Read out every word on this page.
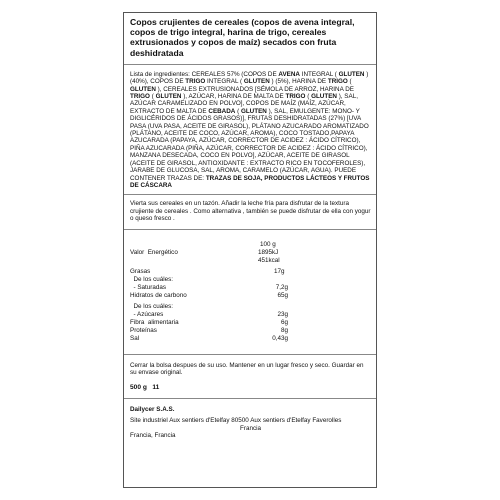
Copos crujientes de cereales (copos de avena integral, copos de trigo integral, harina de trigo, cereales extrusionados y copos de maíz) secados con fruta deshidratada
Lista de ingredientes: CEREALES 57% (COPOS DE AVENA INTEGRAL ( GLUTEN ) (40%), COPOS DE TRIGO INTEGRAL ( GLUTEN ) (5%), HARINA DE TRIGO ( GLUTEN ), CEREALES EXTRUSIONADOS [SÉMOLA DE ARROZ, HARINA DE TRIGO ( GLUTEN ), AZÚCAR, HARINA DE MALTA DE TRIGO ( GLUTEN ), SAL, AZÚCAR CARAMELIZADO EN POLVO], COPOS DE MAÍZ (MAÍZ, AZÚCAR, EXTRACTO DE MALTA DE CEBADA ( GLUTEN ), SAL, EMULGENTE: MONO- Y DIGLICÉRIDOS DE ÁCIDOS GRASOS)], FRUTAS DESHIDRATADAS (27%) [UVA PASA (UVA PASA, ACEITE DE GIRASOL), PLÁTANO AZUCARADO AROMATIZADO (PLÁTANO, ACEITE DE COCO, AZÚCAR, AROMA), COCO TOSTADO,PAPAYA AZUCARADA (PAPAYA, AZÚCAR, CORRECTOR DE ACIDEZ : ÁCIDO CÍTRICO), PIÑA AZUCARADA (PIÑA, AZÚCAR, CORRECTOR DE ACIDEZ : ÁCIDO CÍTRICO), MANZANA DESECADA, COCO EN POLVO], AZÚCAR, ACEITE DE GIRASOL (ACEITE DE GIRASOL, ANTIOXIDANTE : EXTRACTO RICO EN TOCOFEROLES), JARABE DE GLUCOSA, SAL, AROMA, CARAMELO (AZÚCAR, AGUA). PUEDE CONTENER TRAZAS DE: TRAZAS DE SOJA, PRODUCTOS LÁCTEOS Y FRUTOS DE CÁSCARA
Vierta sus cereales en un tazón. Añadir la leche fría para disfrutar de la textura crujiente de cereales . Como alternativa , también se puede disfrutar de ella con yogur o queso fresco .
100 g
Valor  Energético	1895kJ
451kcal
Grasas	17g
De los cuáles:
- Saturadas	7,2g
Hidratos de carbono	65g
De los cuáles:
- Azúcares	23g
Fibra  alimentaria	6g
Proteínas	8g
Sal	0,43g
Cerrar la bolsa despues de su uso. Mantener en un lugar fresco y seco. Guardar en su envase original.
500 g 11
Dailycer S.A.S.
Site industriel Aux sentiers d'Etelfay 80500 Aux sentiers d'Etelfay Faverolles
Francia
Francia, Francia
